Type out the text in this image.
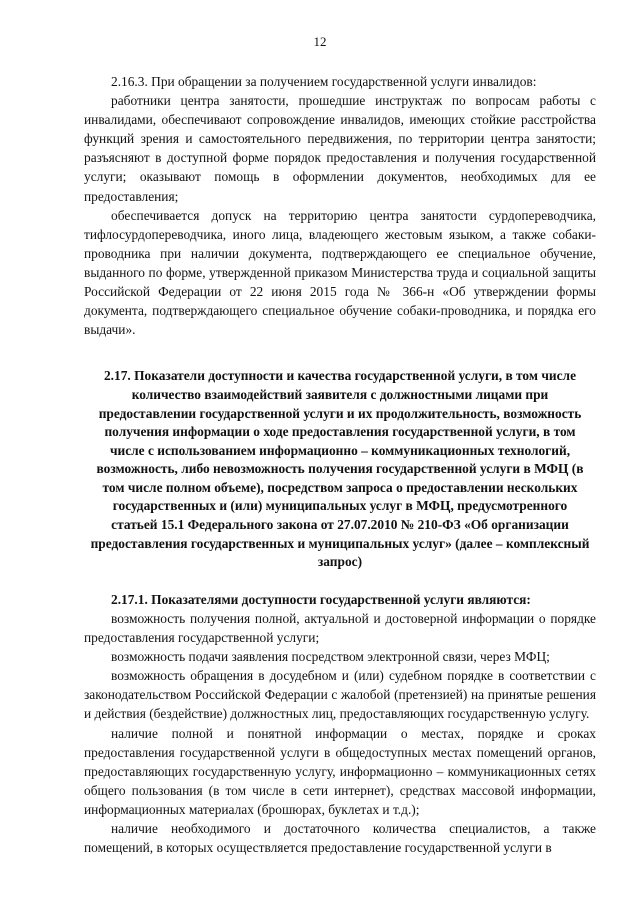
12

2.16.3. При обращении за получением государственной услуги инвалидов:

работники центра занятости, прошедшие инструктаж по вопросам работы с инвалидами, обеспечивают сопровождение инвалидов, имеющих стойкие расстройства функций зрения и самостоятельного передвижения, по территории центра занятости; разъясняют в доступной форме порядок предоставления и получения государственной услуги; оказывают помощь в оформлении документов, необходимых для ее предоставления;

обеспечивается допуск на территорию центра занятости сурдопереводчика, тифлосурдопереводчика, иного лица, владеющего жестовым языком, а также собаки-проводника при наличии документа, подтверждающего ее специальное обучение, выданного по форме, утвержденной приказом Министерства труда и социальной защиты Российской Федерации от 22 июня 2015 года № 366-н «Об утверждении формы документа, подтверждающего специальное обучение собаки-проводника, и порядка его выдачи».

2.17. Показатели доступности и качества государственной услуги, в том числе количество взаимодействий заявителя с должностными лицами при предоставлении государственной услуги и их продолжительность, возможность получения информации о ходе предоставления государственной услуги, в том числе с использованием информационно – коммуникационных технологий, возможность, либо невозможность получения государственной услуги в МФЦ (в том числе полном объеме), посредством запроса о предоставлении нескольких государственных и (или) муниципальных услуг в МФЦ, предусмотренного статьей 15.1 Федерального закона от 27.07.2010 № 210-ФЗ «Об организации предоставления государственных и муниципальных услуг» (далее – комплексный запрос)

2.17.1. Показателями доступности государственной услуги являются:

возможность получения полной, актуальной и достоверной информации о порядке предоставления государственной услуги;

возможность подачи заявления посредством электронной связи, через МФЦ;

возможность обращения в досудебном и (или) судебном порядке в соответствии с законодательством Российской Федерации с жалобой (претензией) на принятые решения и действия (бездействие) должностных лиц, предоставляющих государственную услугу.

наличие полной и понятной информации о местах, порядке и сроках предоставления государственной услуги в общедоступных местах помещений органов, предоставляющих государственную услугу, информационно – коммуникационных сетях общего пользования (в том числе в сети интернет), средствах массовой информации, информационных материалах (брошюрах, буклетах и т.д.);

наличие необходимого и достаточного количества специалистов, а также помещений, в которых осуществляется предоставление государственной услуги в
